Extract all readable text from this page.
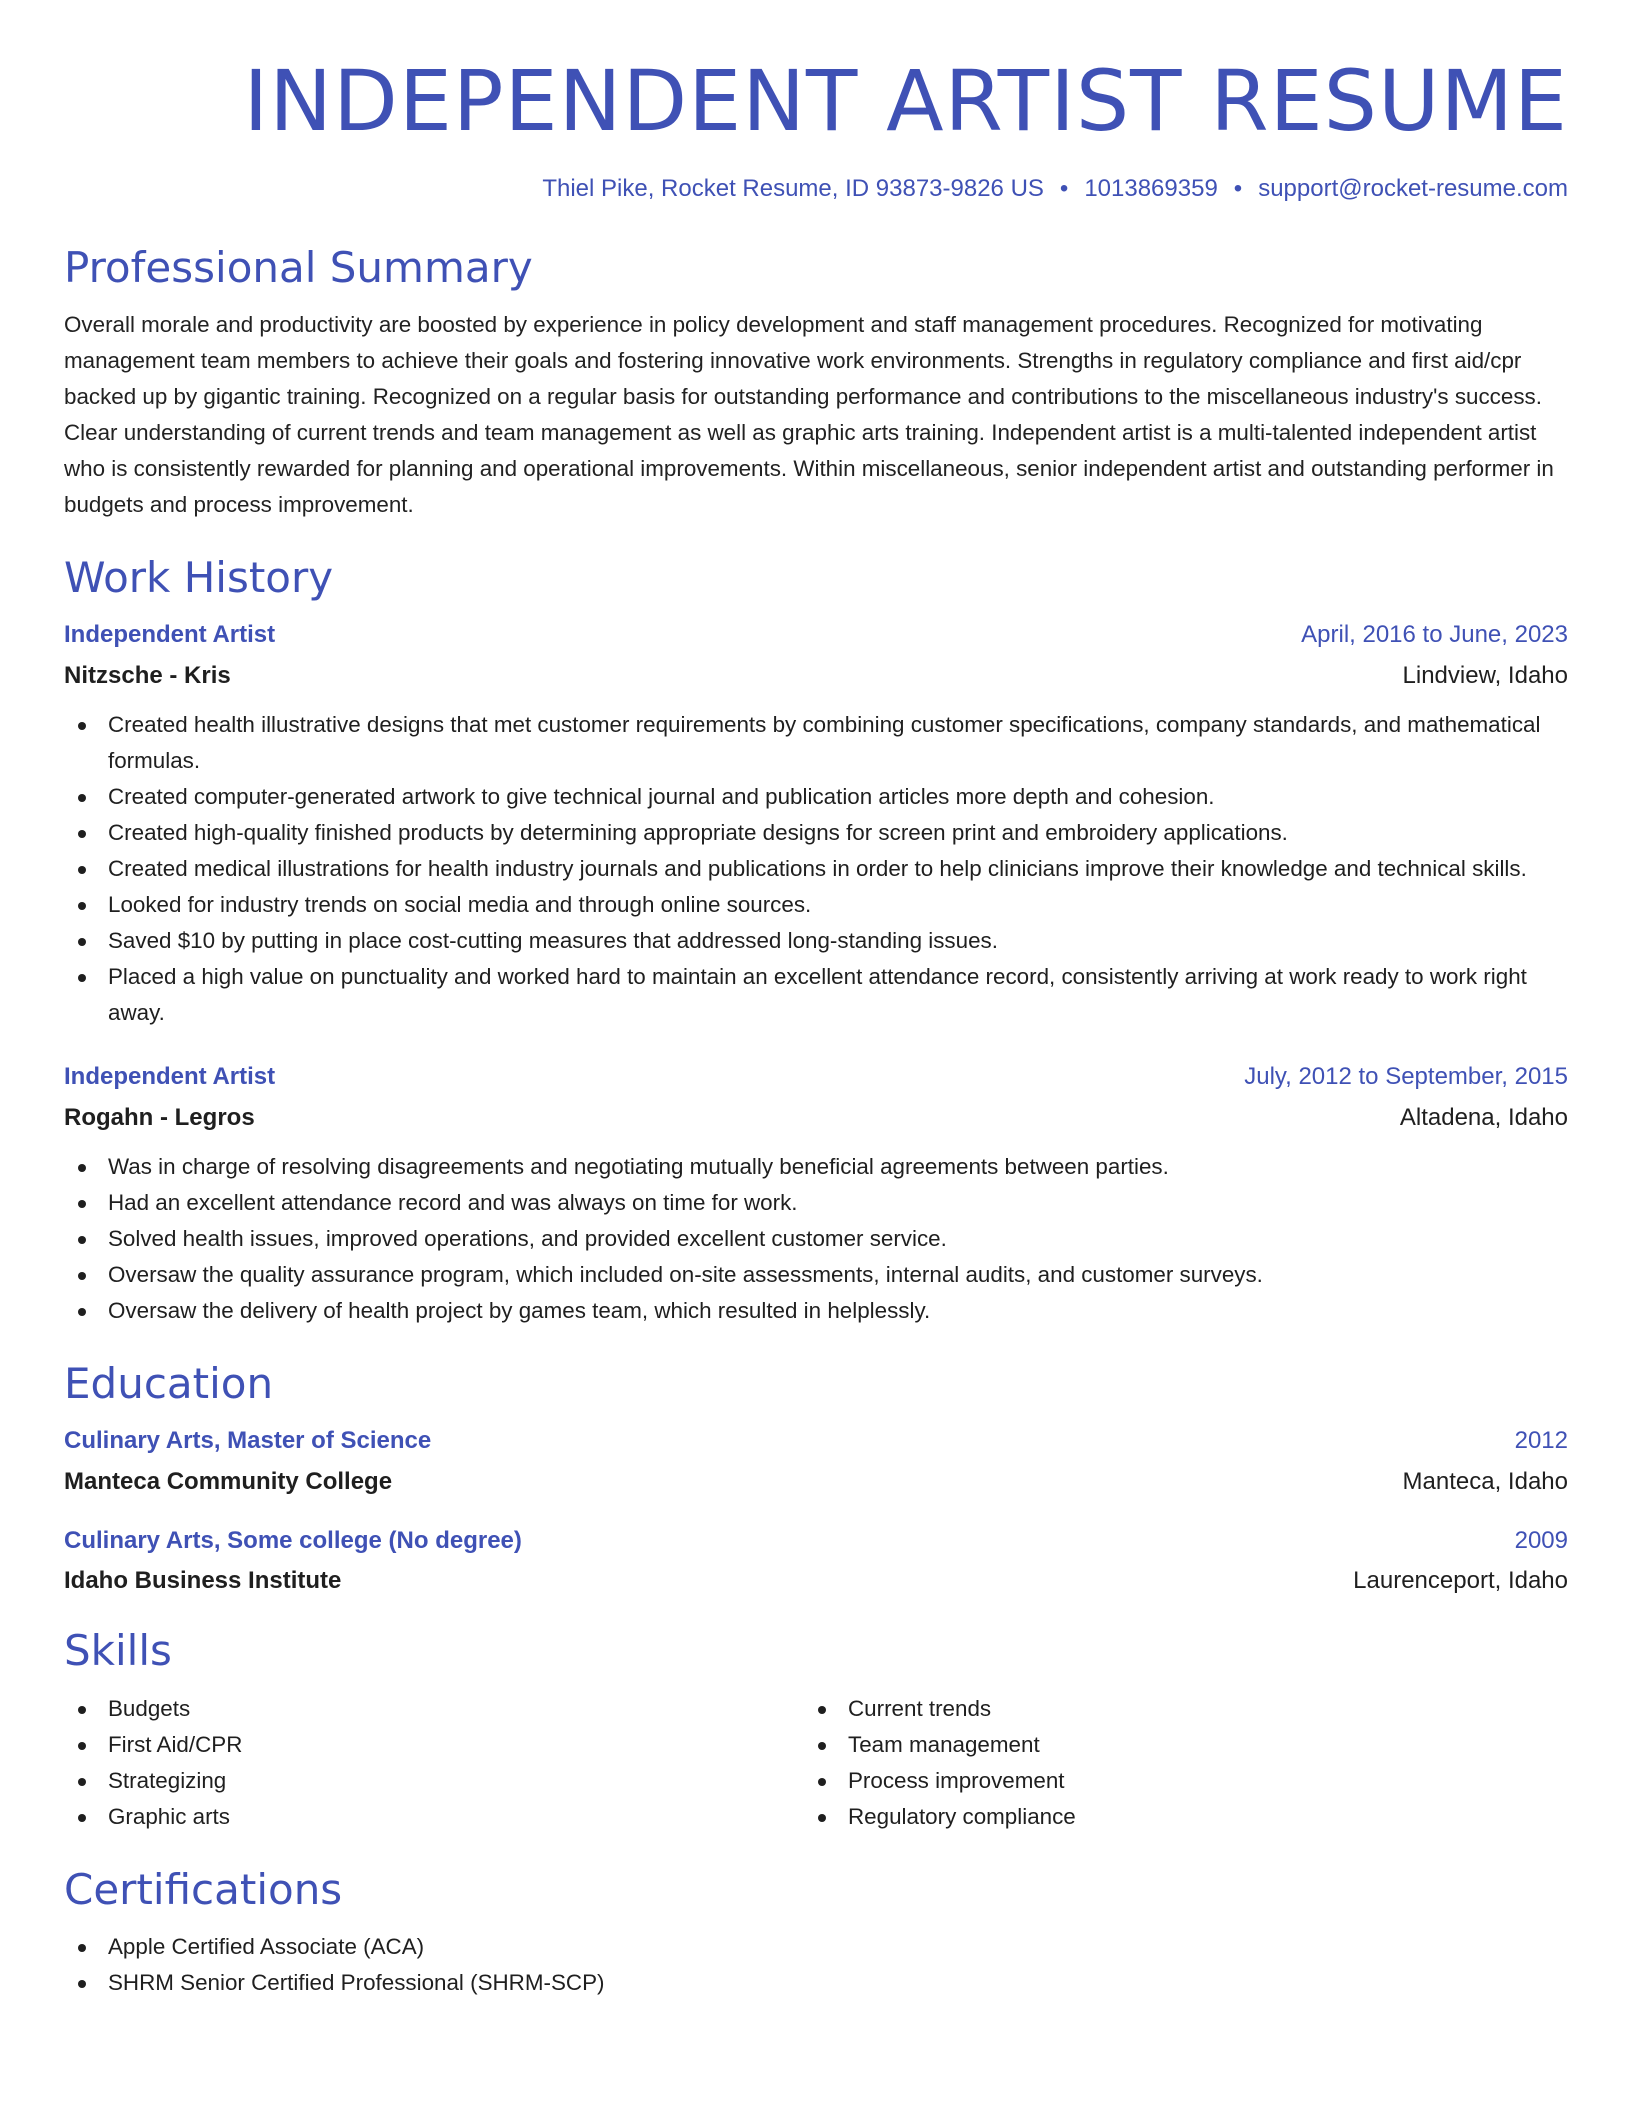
INDEPENDENT ARTIST RESUME
Thiel Pike, Rocket Resume, ID 93873-9826 US • 1013869359 • support@rocket-resume.com
Professional Summary

Overall morale and productivity are boosted by experience in policy development and staff management procedures. Recognized for motivating management team members to achieve their goals and fostering innovative work environments. Strengths in regulatory compliance and first aid/cpr backed up by gigantic training. Recognized on a regular basis for outstanding performance and contributions to the miscellaneous industry's success. Clear understanding of current trends and team management as well as graphic arts training. Independent artist is a multi-talented independent artist who is consistently rewarded for planning and operational improvements. Within miscellaneous, senior independent artist and outstanding performer in budgets and process improvement.

Work History
Independent Artist	April, 2016 to June, 2023
Nitzsche - Kris	Lindview, Idaho
Created health illustrative designs that met customer requirements by combining customer specifications, company standards, and mathematical formulas.
Created computer-generated artwork to give technical journal and publication articles more depth and cohesion.
Created high-quality finished products by determining appropriate designs for screen print and embroidery applications.
Created medical illustrations for health industry journals and publications in order to help clinicians improve their knowledge and technical skills.
Looked for industry trends on social media and through online sources.
Saved $10 by putting in place cost-cutting measures that addressed long-standing issues.
Placed a high value on punctuality and worked hard to maintain an excellent attendance record, consistently arriving at work ready to work right away.
Independent Artist	July, 2012 to September, 2015
Rogahn - Legros	Altadena, Idaho
Was in charge of resolving disagreements and negotiating mutually beneficial agreements between parties.
Had an excellent attendance record and was always on time for work.
Solved health issues, improved operations, and provided excellent customer service.
Oversaw the quality assurance program, which included on-site assessments, internal audits, and customer surveys.
Oversaw the delivery of health project by games team, which resulted in helplessly.
Education
Culinary Arts, Master of Science	2012
Manteca Community College	Manteca, Idaho
Culinary Arts, Some college (No degree)	2009
Idaho Business Institute	Laurenceport, Idaho
Skills
Budgets
First Aid/CPR
Strategizing
Graphic arts
Current trends
Team management
Process improvement
Regulatory compliance
Certifications
Apple Certified Associate (ACA)
SHRM Senior Certified Professional (SHRM-SCP)
